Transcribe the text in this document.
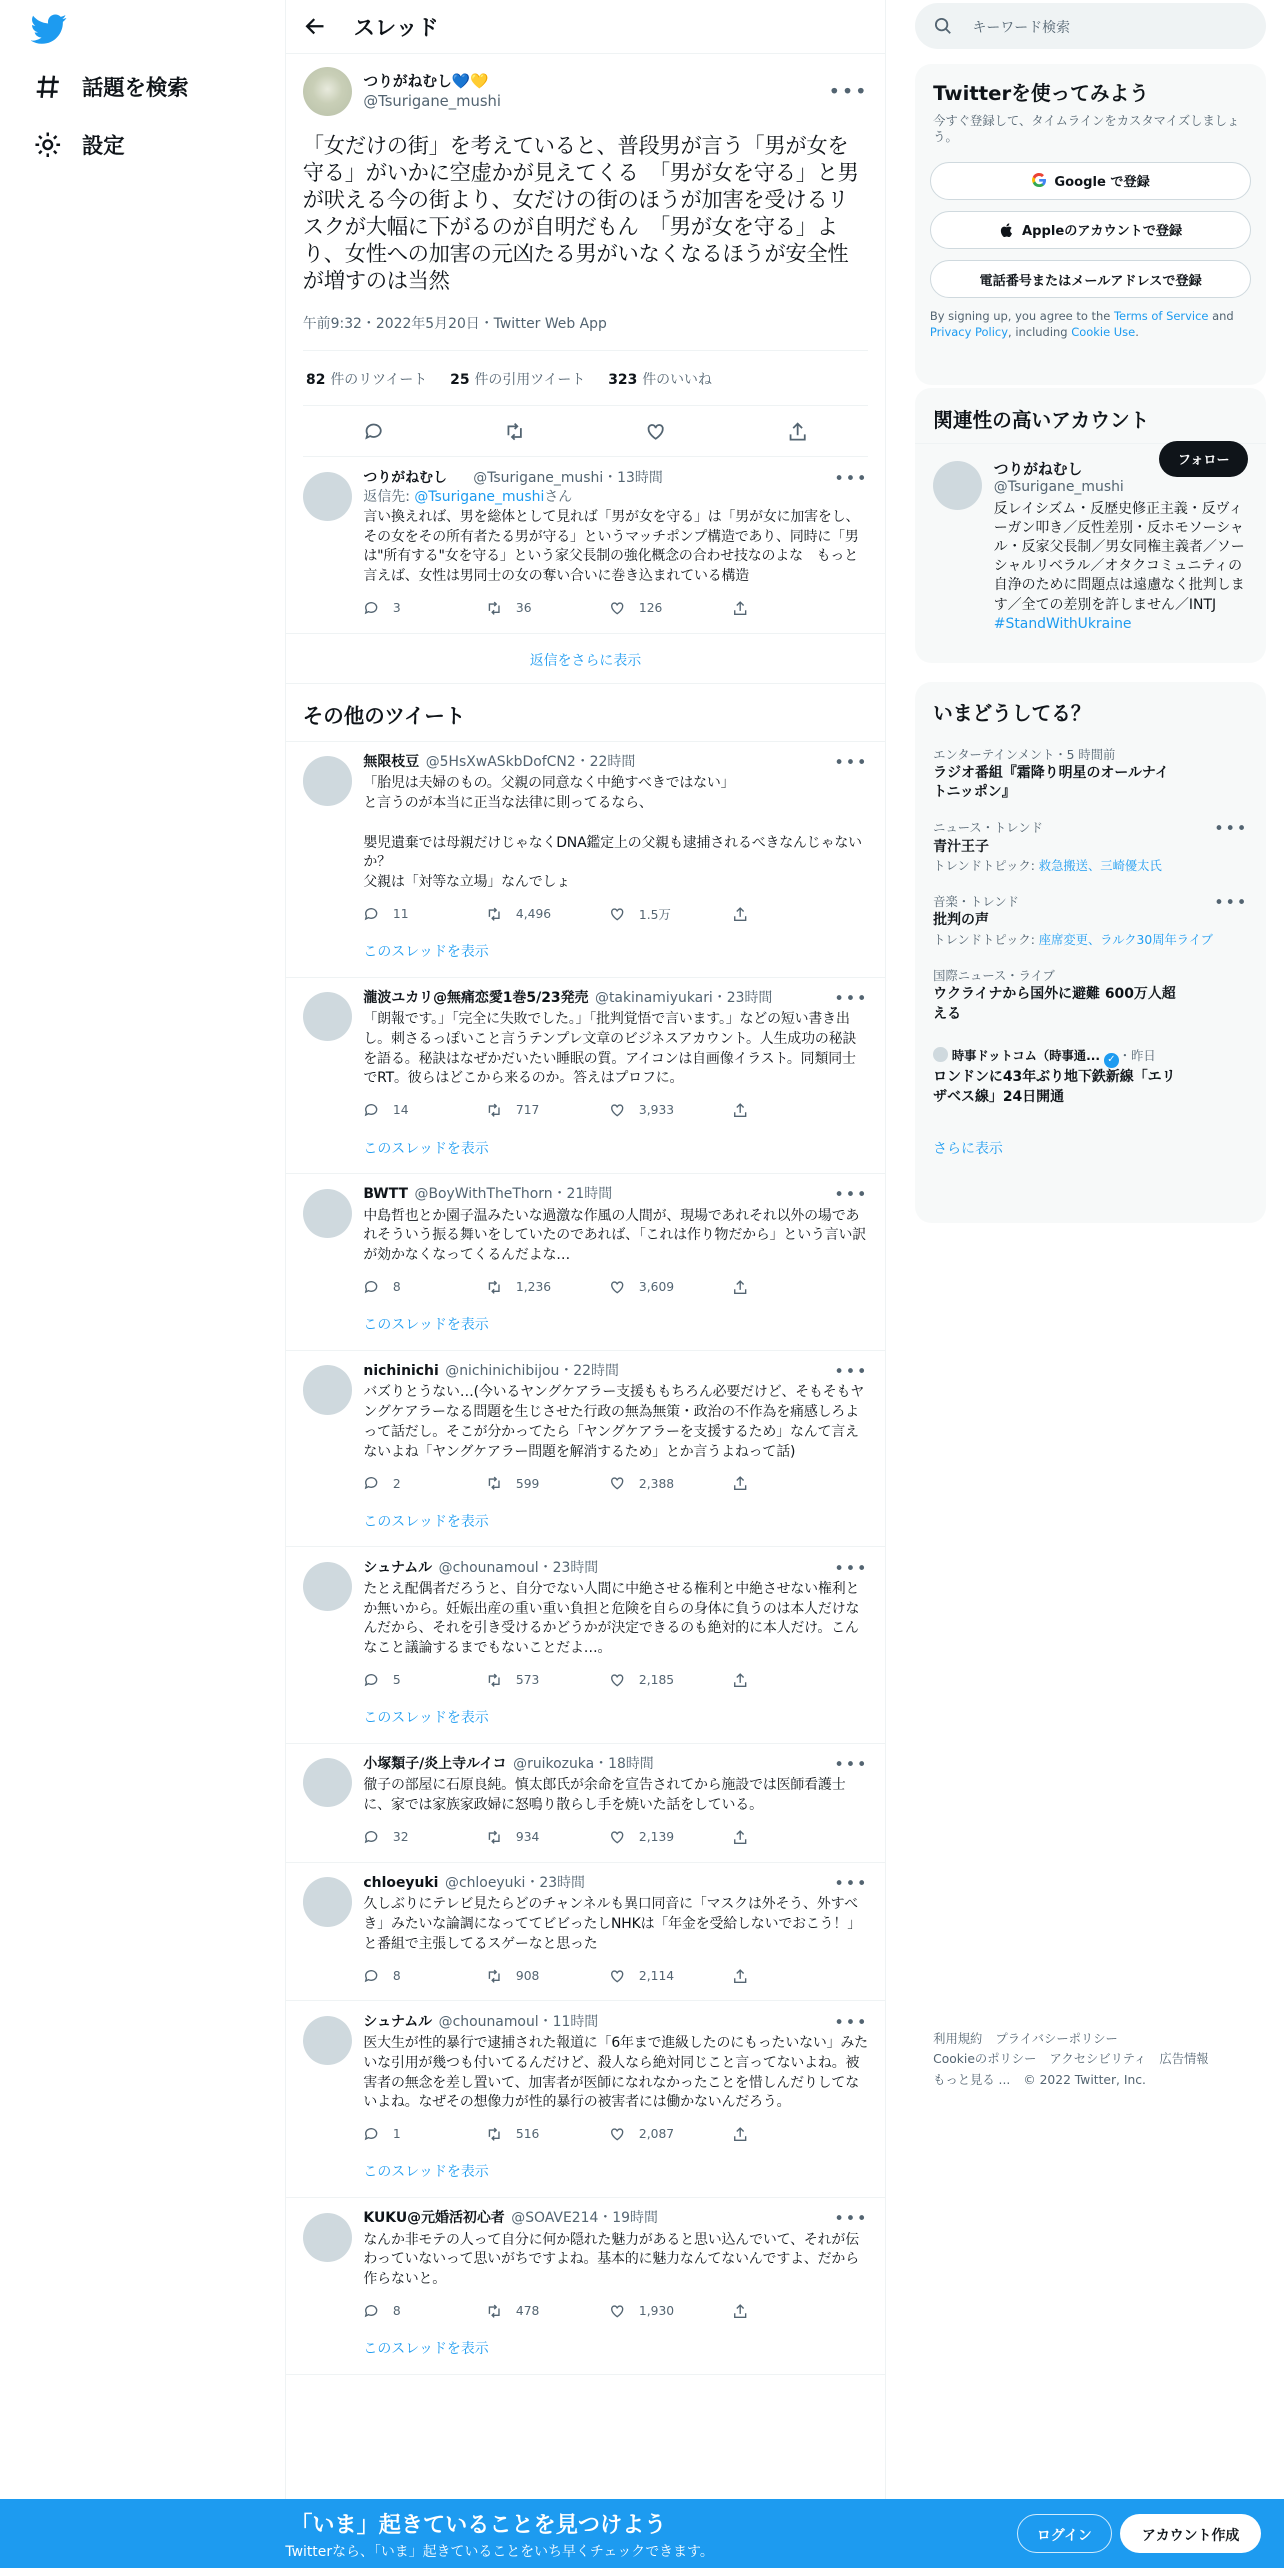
話題を検索
設定
スレッド
つりがねむし💙💛
@Tsurigane_mushi	•••
「女だけの街」を考えていると、普段男が言う「男が女を守る」がいかに空虚かが見えてくる　「男が女を守る」と男が吠える今の街より、女だけの街のほうが加害を受けるリスクが大幅に下がるのが自明だもん　「男が女を守る」より、女性への加害の元凶たる男がいなくなるほうが安全性が増すのは当然
午前9:32・2022年5月20日・Twitter Web App
82 件のリツイート	25 件の引用ツイート	323 件のいいね
つりがねむし	@Tsurigane_mushi ・13時間	•••
返信先: @Tsurigane_mushiさん
言い換えれば、男を総体として見れば「男が女を守る」は「男が女に加害をし、その女をその所有者たる男が守る」というマッチポンプ構造であり、同時に「男は"所有する"女を守る」という家父長制の強化概念の合わせ技なのよな　もっと言えば、女性は男同士の女の奪い合いに巻き込まれている構造
3	36	126
返信をさらに表示
その他のツイート
無限枝豆 @5HsXwASkbDofCN2 ・22時間	•••
「胎児は夫婦のもの。父親の同意なく中絶すべきではない」
と言うのが本当に正当な法律に則ってるなら、

嬰児遺棄では母親だけじゃなくDNA鑑定上の父親も逮捕されるべきなんじゃないか？
父親は「対等な立場」なんでしょ
11	4,496	1.5万
このスレッドを表示
瀧波ユカリ@無痛恋愛1巻5/23発売 @takinamiyukari ・23時間	•••
「朗報です。」「完全に失敗でした。」「批判覚悟で言います。」などの短い書き出し。刺さるっぽいこと言うテンプレ文章のビジネスアカウント。人生成功の秘訣を語る。秘訣はなぜかだいたい睡眠の質。アイコンは自画像イラスト。同類同士でRT。彼らはどこから来るのか。答えはプロフに。
14	717	3,933
このスレッドを表示
BWTT @BoyWithTheThorn ・21時間	•••
中島哲也とか園子温みたいな過激な作風の人間が、現場であれそれ以外の場であれそういう振る舞いをしていたのであれば、「これは作り物だから」という言い訳が効かなくなってくるんだよな…
8	1,236	3,609
このスレッドを表示
nichinichi @nichinichibijou ・22時間	•••
バズりとうない…(今いるヤングケアラー支援ももちろん必要だけど、そもそもヤングケアラーなる問題を生じさせた行政の無為無策・政治の不作為を痛感しろよって話だし。そこが分かってたら「ヤングケアラーを支援するため」なんて言えないよね「ヤングケアラー問題を解消するため」とか言うよねって話)
2	599	2,388
このスレッドを表示
シュナムル @chounamoul ・23時間	•••
たとえ配偶者だろうと、自分でない人間に中絶させる権利と中絶させない権利とか無いから。妊娠出産の重い重い負担と危険を自らの身体に負うのは本人だけなんだから、それを引き受けるかどうかが決定できるのも絶対的に本人だけ。こんなこと議論するまでもないことだよ…。
5	573	2,185
このスレッドを表示
小塚類子/炎上寺ルイコ @ruikozuka ・18時間	•••
徹子の部屋に石原良純。慎太郎氏が余命を宣告されてから施設では医師看護士に、家では家族家政婦に怒鳴り散らし手を焼いた話をしている。
32	934	2,139
chloeyuki @chloeyuki ・23時間	•••
久しぶりにテレビ見たらどのチャンネルも異口同音に「マスクは外そう、外すべき」みたいな論調になっててビビったしNHKは「年金を受給しないでおこう！」と番組で主張してるスゲーなと思った
8	908	2,114
シュナムル @chounamoul ・11時間	•••
医大生が性的暴行で逮捕された報道に「6年まで進級したのにもったいない」みたいな引用が幾つも付いてるんだけど、殺人なら絶対同じこと言ってないよね。被害者の無念を差し置いて、加害者が医師になれなかったことを惜しんだりしてないよね。なぜその想像力が性的暴行の被害者には働かないんだろう。
1	516	2,087
このスレッドを表示
KUKU@元婚活初心者 @SOAVE214 ・19時間	•••
なんか非モテの人って自分に何か隠れた魅力があると思い込んでいて、それが伝わっていないって思いがちですよね。基本的に魅力なんてないんですよ、だから作らないと。
8	478	1,930
このスレッドを表示
キーワード検索
Twitterを使ってみよう
今すぐ登録して、タイムラインをカスタマイズしましょう。
Google で登録
Appleのアカウントで登録
電話番号またはメールアドレスで登録
By signing up, you agree to the Terms of Service and Privacy Policy, including Cookie Use.
関連性の高いアカウント
つりがねむし
@Tsurigane_mushi
反レイシズム・反歴史修正主義・反ヴィーガン叩き／反性差別・反ホモソーシャル・反家父長制／男女同権主義者／ソーシャルリベラル／オタクコミュニティの自浄のために問題点は遠慮なく批判します／全ての差別を許しません／INTJ
#StandWithUkraine
フォロー
いまどうしてる？
エンターテインメント・5 時間前
ラジオ番組『霜降り明星のオールナイトニッポン』
ニュース・トレンド	•••
青汁王子
トレンドトピック: 救急搬送、三崎優太氏
音楽・トレンド	•••
批判の声
トレンドトピック: 座席変更、ラルク30周年ライブ
国際ニュース・ライブ
ウクライナから国外に避難 600万人超える
時事ドットコム（時事通... ✓ ・昨日
ロンドンに43年ぶり地下鉄新線「エリザベス線」24日開通
さらに表示
利用規約 プライバシーポリシー
Cookieのポリシー アクセシビリティ 広告情報
もっと見る ... © 2022 Twitter, Inc.
「いま」起きていることを見つけよう
Twitterなら、「いま」起きていることをいち早くチェックできます。
ログイン	アカウント作成
